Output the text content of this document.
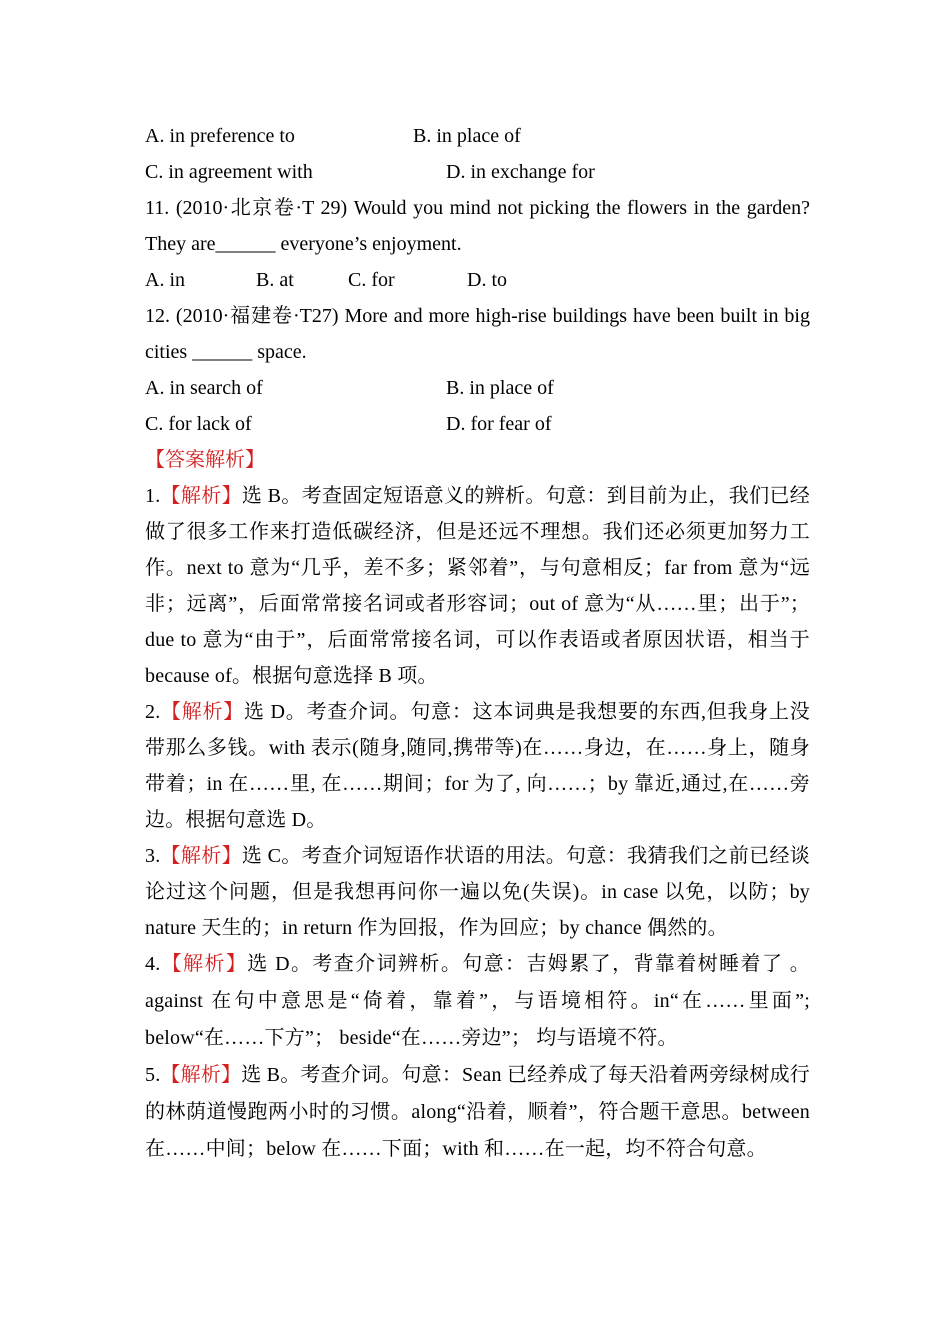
A. in preference to	B. in place of
C. in agreement with	D. in exchange for
11. (2010·北京卷·T 29) Would you mind not picking the flowers in the garden? They are______ everyone’s enjoyment.
A. in	B. at	C. for	D. to
12. (2010·福建卷·T27) More and more high-rise buildings have been built in big cities ______ space.
A. in search of	B. in place of
C. for lack of	D. for fear of
【答案解析】
1.【解析】选 B。考查固定短语意义的辨析。句意：到目前为止，我们已经做了很多工作来打造低碳经济，但是还远不理想。我们还必须更加努力工作。next to 意为“几乎，差不多；紧邻着”，与句意相反；far from 意为“远非；远离”，后面常常接名词或者形容词；out of 意为“从……里；出于”；due to 意为“由于”，后面常常接名词，可以作表语或者原因状语，相当于 because of。根据句意选择 B 项。
2.【解析】选 D。考查介词。句意：这本词典是我想要的东西,但我身上没带那么多钱。with 表示(随身,随同,携带等)在……身边，在……身上，随身带着；in 在……里, 在……期间；for 为了, 向……；by 靠近,通过,在……旁边。根据句意选 D。
3.【解析】选 C。考查介词短语作状语的用法。句意：我猜我们之前已经谈论过这个问题，但是我想再问你一遍以免(失误)。in case 以免，以防；by nature 天生的；in return 作为回报，作为回应；by chance 偶然的。
4.【解析】选 D。考查介词辨析。句意：吉姆累了，背靠着树睡着了 。against 在句中意思是“倚着，靠着”，与语境相符。in“在……里面”; below“在……下方”； beside“在……旁边”； 均与语境不符。
5.【解析】选 B。考查介词。句意：Sean 已经养成了每天沿着两旁绿树成行的林荫道慢跑两小时的习惯。along“沿着，顺着”，符合题干意思。between 在……中间；below 在……下面；with 和……在一起，均不符合句意。
